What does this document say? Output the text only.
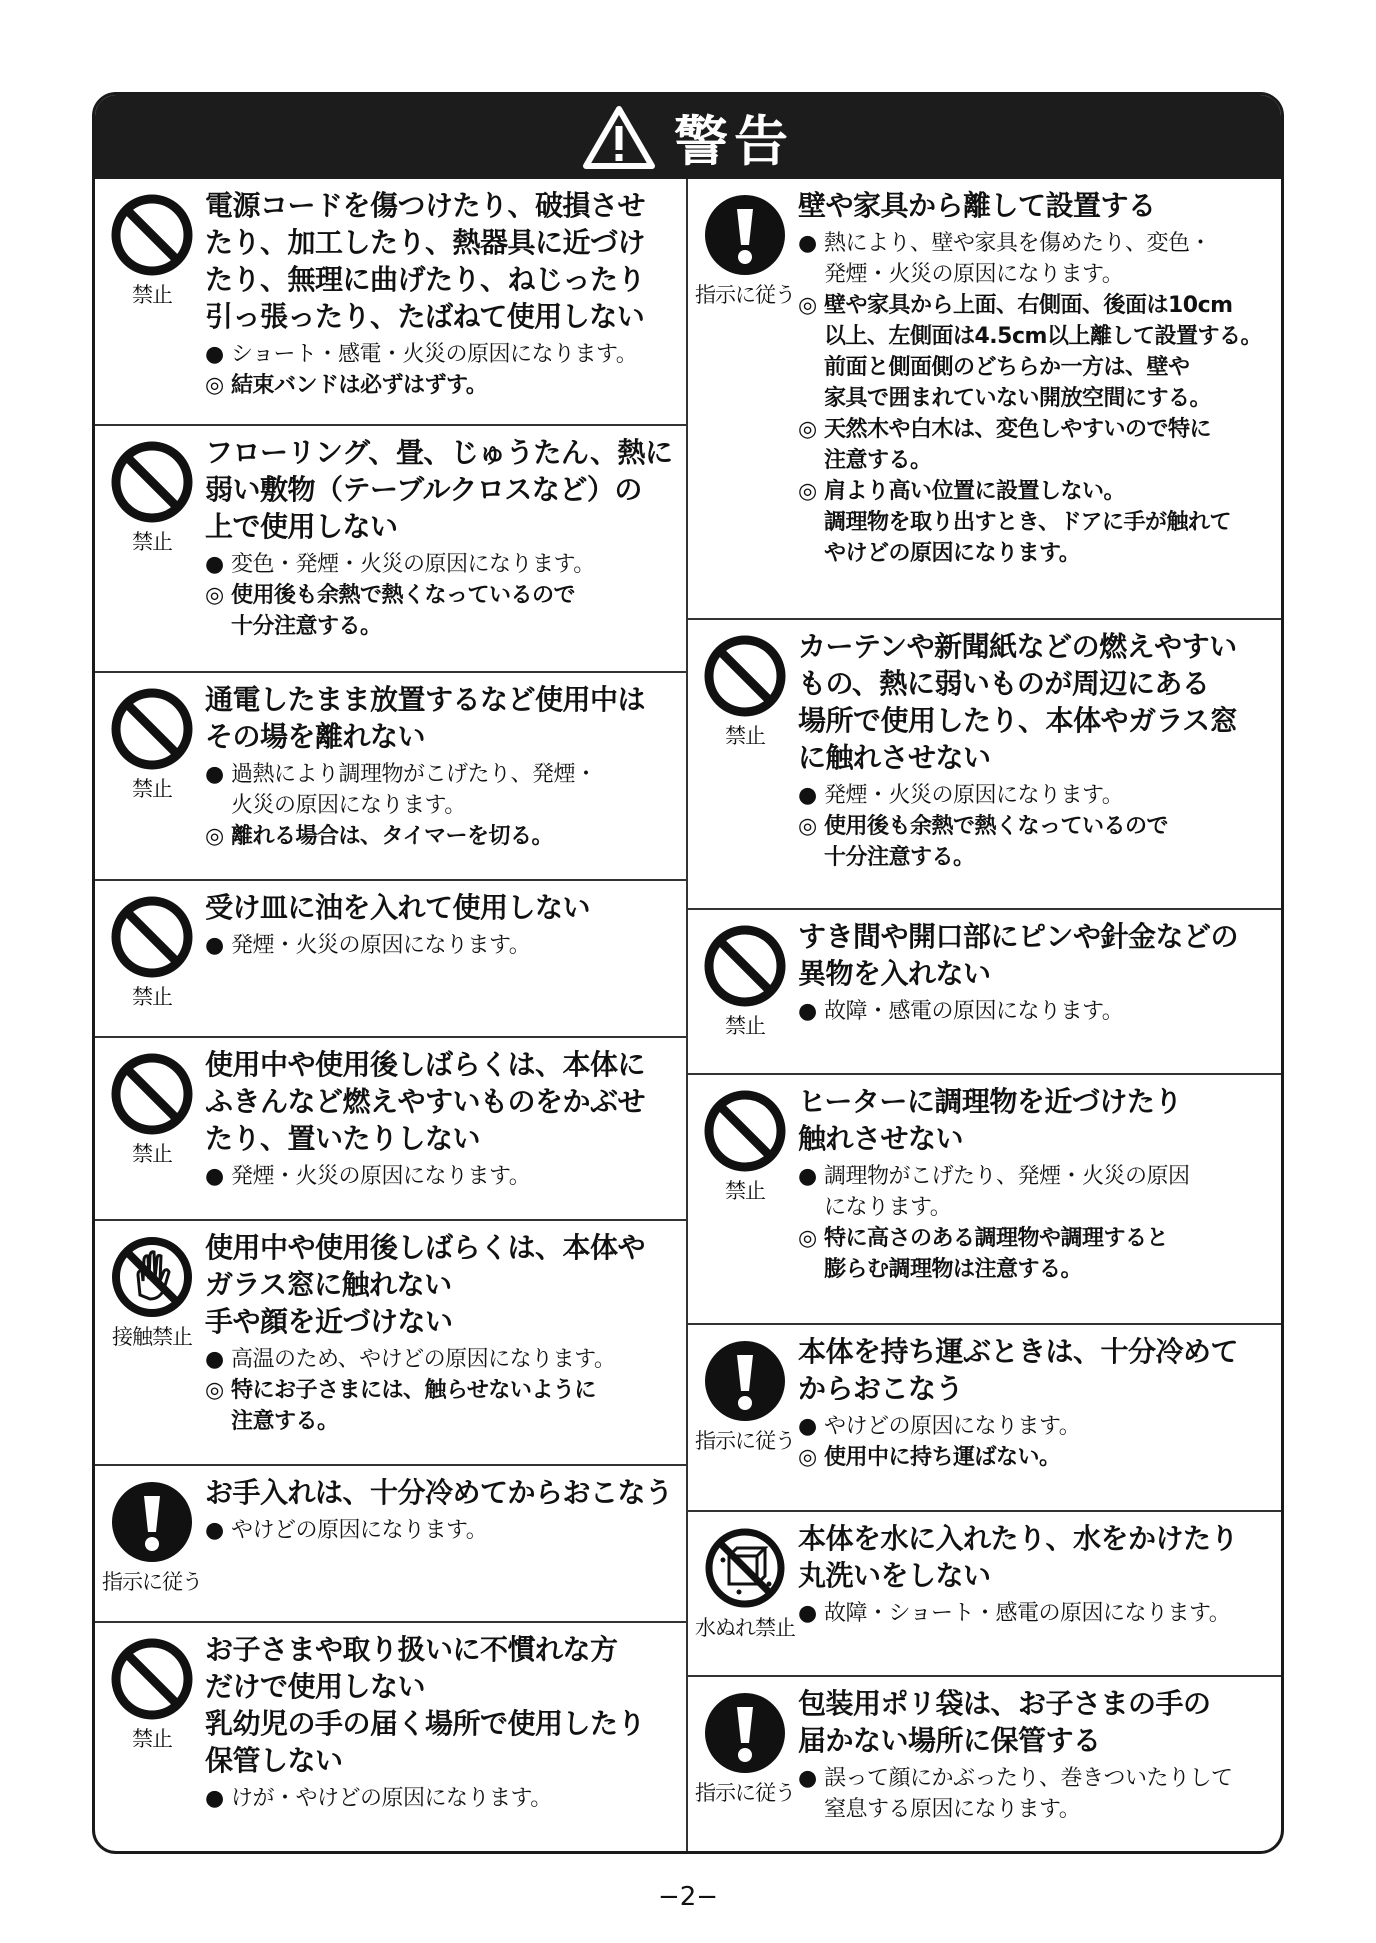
警告
禁止
電源コードを傷つけたり、破損させ
たり、加工したり、熱器具に近づけ
たり、無理に曲げたり、ねじったり
引っ張ったり、たばねて使用しない
● ショート・感電・火災の原因になります。
◎ 結束バンドは必ずはずす。
禁止
フローリング、畳、じゅうたん、熱に
弱い敷物（テーブルクロスなど）の
上で使用しない
● 変色・発煙・火災の原因になります。
◎ 使用後も余熱で熱くなっているので
十分注意する。
禁止
通電したまま放置するなど使用中は
その場を離れない
● 過熱により調理物がこげたり、発煙・
火災の原因になります。
◎ 離れる場合は、タイマーを切る。
禁止
受け皿に油を入れて使用しない
● 発煙・火災の原因になります。
禁止
使用中や使用後しばらくは、本体に
ふきんなど燃えやすいものをかぶせ
たり、置いたりしない
● 発煙・火災の原因になります。
接触禁止
使用中や使用後しばらくは、本体や
ガラス窓に触れない
手や顔を近づけない
● 高温のため、やけどの原因になります。
◎ 特にお子さまには、触らせないように
注意する。
指示に従う
お手入れは、十分冷めてからおこなう
● やけどの原因になります。
禁止
お子さまや取り扱いに不慣れな方
だけで使用しない
乳幼児の手の届く場所で使用したり
保管しない
● けが・やけどの原因になります。
指示に従う
壁や家具から離して設置する
● 熱により、壁や家具を傷めたり、変色・
発煙・火災の原因になります。
◎ 壁や家具から上面、右側面、後面は10cm
以上、左側面は4.5cm以上離して設置する。
前面と側面側のどちらか一方は、壁や
家具で囲まれていない開放空間にする。
◎ 天然木や白木は、変色しやすいので特に
注意する。
◎ 肩より高い位置に設置しない。
調理物を取り出すとき、ドアに手が触れて
やけどの原因になります。
禁止
カーテンや新聞紙などの燃えやすい
もの、熱に弱いものが周辺にある
場所で使用したり、本体やガラス窓
に触れさせない
● 発煙・火災の原因になります。
◎ 使用後も余熱で熱くなっているので
十分注意する。
禁止
すき間や開口部にピンや針金などの
異物を入れない
● 故障・感電の原因になります。
禁止
ヒーターに調理物を近づけたり
触れさせない
● 調理物がこげたり、発煙・火災の原因
になります。
◎ 特に高さのある調理物や調理すると
膨らむ調理物は注意する。
指示に従う
本体を持ち運ぶときは、十分冷めて
からおこなう
● やけどの原因になります。
◎ 使用中に持ち運ばない。
水ぬれ禁止
本体を水に入れたり、水をかけたり
丸洗いをしない
● 故障・ショート・感電の原因になります。
指示に従う
包装用ポリ袋は、お子さまの手の
届かない場所に保管する
● 誤って顔にかぶったり、巻きついたりして
窒息する原因になります。
−2−
